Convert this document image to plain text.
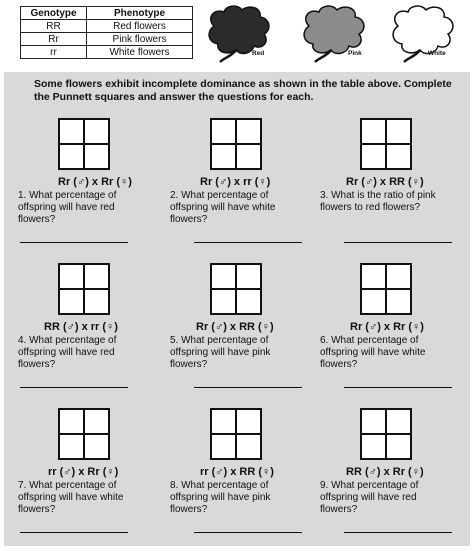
Genotype	Phenotype
RR	Red flowers
Rr	Pink flowers
rr	White flowers	Red	Pink	White
Some flowers exhibit incomplete dominance as shown in the table above. Complete the Punnett squares and answer the questions for each.
Rr (♂) x Rr (♀)
1. What percentage of offspring will have red flowers?
Rr (♂) x rr (♀)
2. What percentage of offspring will have white flowers?
Rr (♂) x RR (♀)
3. What is the ratio of pink flowers to red flowers?
RR (♂) x rr (♀)
4. What percentage of offspring will have red flowers?
Rr (♂) x RR (♀)
5. What percentage of offspring will have pink flowers?
Rr (♂) x Rr (♀)
6. What percentage of offspring will have white flowers?
rr (♂) x Rr (♀)
7. What percentage of offspring will have white flowers?
rr (♂) x RR (♀)
8. What percentage of offspring will have pink flowers?
RR (♂) x Rr (♀)
9. What percentage of offspring will have red flowers?
